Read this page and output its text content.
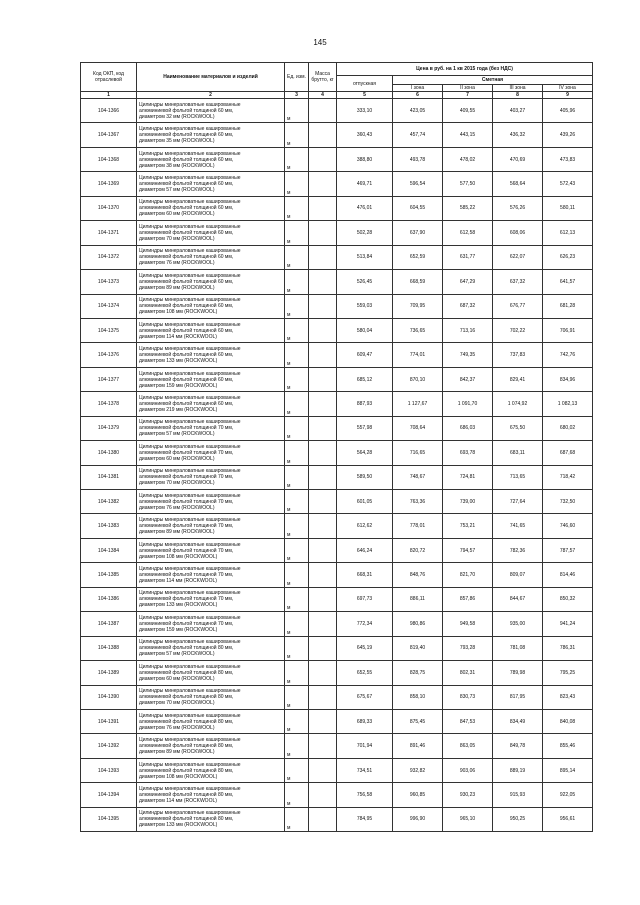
145
Код ОКП, код отраслевой	Наименование материалов и изделий	Ед. изм.	Масса брутто, кг	Цена в руб. на 1 кв 2015 года (без НДС)				
				отпускная	Сметная			
					I зона	II зона	III зона	IV зона
1	2	3	4	5	6	7	8	9
104-1366	Цилиндры минераловатные кашированные
алюминиевой фольгой толщиной 60 мм,
диаметром 32 мм (ROCKWOOL)	м		333,10	423,05	409,55	403,27	405,96
104-1367	Цилиндры минераловатные кашированные
алюминиевой фольгой толщиной 60 мм,
диаметром 35 мм (ROCKWOOL)	м		360,43	457,74	443,15	436,32	439,26
104-1368	Цилиндры минераловатные кашированные
алюминиевой фольгой толщиной 60 мм,
диаметром 38 мм (ROCKWOOL)	м		388,80	493,78	478,02	470,69	473,83
104-1369	Цилиндры минераловатные кашированные
алюминиевой фольгой толщиной 60 мм,
диаметром 57 мм (ROCKWOOL)	м		469,71	596,54	577,50	568,64	572,43
104-1370	Цилиндры минераловатные кашированные
алюминиевой фольгой толщиной 60 мм,
диаметром 60 мм (ROCKWOOL)	м		476,01	604,55	585,22	576,26	580,11
104-1371	Цилиндры минераловатные кашированные
алюминиевой фольгой толщиной 60 мм,
диаметром 70 мм (ROCKWOOL)	м		502,28	637,90	612,58	608,06	612,13
104-1372	Цилиндры минераловатные кашированные
алюминиевой фольгой толщиной 60 мм,
диаметром 76 мм (ROCKWOOL)	м		513,84	652,59	631,77	622,07	626,23
104-1373	Цилиндры минераловатные кашированные
алюминиевой фольгой толщиной 60 мм,
диаметром 89 мм (ROCKWOOL)	м		526,45	668,59	647,29	637,32	641,57
104-1374	Цилиндры минераловатные кашированные
алюминиевой фольгой толщиной 60 мм,
диаметром 108 мм (ROCKWOOL)	м		559,03	709,95	687,32	676,77	681,28
104-1375	Цилиндры минераловатные кашированные
алюминиевой фольгой толщиной 60 мм,
диаметром 114 мм (ROCKWOOL)	м		580,04	736,65	713,16	702,22	706,91
104-1376	Цилиндры минераловатные кашированные
алюминиевой фольгой толщиной 60 мм,
диаметром 133 мм (ROCKWOOL)	м		609,47	774,01	749,35	737,83	742,76
104-1377	Цилиндры минераловатные кашированные
алюминиевой фольгой толщиной 60 мм,
диаметром 159 мм (ROCKWOOL)	м		685,12	870,10	842,37	829,41	834,96
104-1378	Цилиндры минераловатные кашированные
алюминиевой фольгой толщиной 60 мм,
диаметром 219 мм (ROCKWOOL)	м		887,93	1 127,67	1 091,70	1 074,92	1 082,13
104-1379	Цилиндры минераловатные кашированные
алюминиевой фольгой толщиной 70 мм,
диаметром 57 мм (ROCKWOOL)	м		557,98	708,64	686,03	675,50	680,02
104-1380	Цилиндры минераловатные кашированные
алюминиевой фольгой толщиной 70 мм,
диаметром 60 мм (ROCKWOOL)	м		564,28	716,65	693,78	683,11	687,68
104-1381	Цилиндры минераловатные кашированные
алюминиевой фольгой толщиной 70 мм,
диаметром 70 мм (ROCKWOOL)	м		589,50	748,67	724,81	713,65	718,42
104-1382	Цилиндры минераловатные кашированные
алюминиевой фольгой толщиной 70 мм,
диаметром 76 мм (ROCKWOOL)	м		601,05	763,36	739,00	727,64	732,50
104-1383	Цилиндры минераловатные кашированные
алюминиевой фольгой толщиной 70 мм,
диаметром 89 мм (ROCKWOOL)	м		612,62	778,01	753,21	741,65	746,60
104-1384	Цилиндры минераловатные кашированные
алюминиевой фольгой толщиной 70 мм,
диаметром 108 мм (ROCKWOOL)	м		646,24	820,72	794,57	782,36	787,57
104-1385	Цилиндры минераловатные кашированные
алюминиевой фольгой толщиной 70 мм,
диаметром 114 мм (ROCKWOOL)	м		668,31	848,76	821,70	809,07	814,46
104-1386	Цилиндры минераловатные кашированные
алюминиевой фольгой толщиной 70 мм,
диаметром 133 мм (ROCKWOOL)	м		697,73	886,11	857,86	844,67	850,32
104-1387	Цилиндры минераловатные кашированные
алюминиевой фольгой толщиной 70 мм,
диаметром 159 мм (ROCKWOOL)	м		772,34	980,86	949,58	935,00	941,24
104-1388	Цилиндры минераловатные кашированные
алюминиевой фольгой толщиной 80 мм,
диаметром 57 мм (ROCKWOOL)	м		645,19	819,40	793,28	781,08	786,31
104-1389	Цилиндры минераловатные кашированные
алюминиевой фольгой толщиной 80 мм,
диаметром 60 мм (ROCKWOOL)	м		652,55	828,75	802,31	789,98	795,25
104-1390	Цилиндры минераловатные кашированные
алюминиевой фольгой толщиной 80 мм,
диаметром 70 мм (ROCKWOOL)	м		675,67	858,10	830,73	817,95	823,43
104-1391	Цилиндры минераловатные кашированные
алюминиевой фольгой толщиной 80 мм,
диаметром 76 мм (ROCKWOOL)	м		689,33	875,45	847,53	834,49	840,08
104-1392	Цилиндры минераловатные кашированные
алюминиевой фольгой толщиной 80 мм,
диаметром 89 мм (ROCKWOOL)	м		701,94	891,46	863,05	849,78	855,46
104-1393	Цилиндры минераловатные кашированные
алюминиевой фольгой толщиной 80 мм,
диаметром 108 мм (ROCKWOOL)	м		734,51	932,82	903,06	889,19	895,14
104-1394	Цилиндры минераловатные кашированные
алюминиевой фольгой толщиной 80 мм,
диаметром 114 мм (ROCKWOOL)	м		756,58	960,85	930,23	915,93	922,05
104-1395	Цилиндры минераловатные кашированные
алюминиевой фольгой толщиной 80 мм,
диаметром 133 мм (ROCKWOOL)	м		784,95	996,90	965,10	950,25	956,61
